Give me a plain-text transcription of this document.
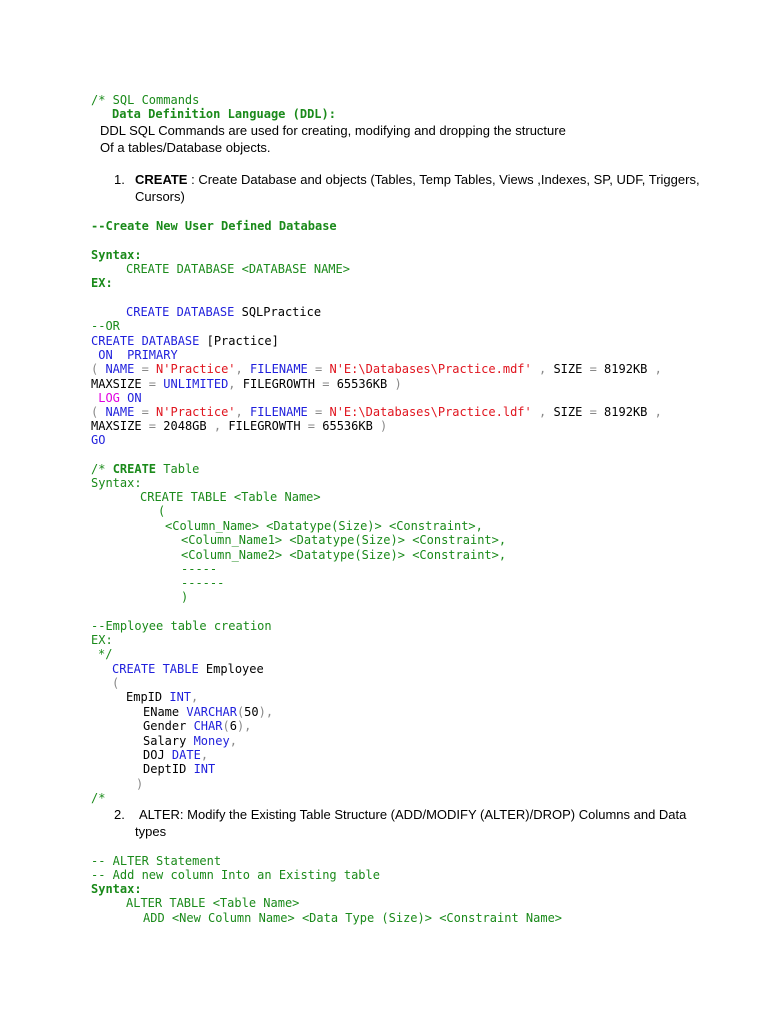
/* SQL Commands
Data Definition Language (DDL):
DDL SQL Commands are used for creating, modifying and dropping the structure
Of a tables/Database objects.
1. CREATE : Create Database and objects (Tables, Temp Tables, Views ,Indexes, SP, UDF, Triggers,
Cursors)
--Create New User Defined Database
Syntax:
CREATE DATABASE <DATABASE NAME>
EX:
CREATE DATABASE SQLPractice
--OR
CREATE DATABASE [Practice]
ON  PRIMARY
( NAME = N'Practice', FILENAME = N'E:\Databases\Practice.mdf' , SIZE = 8192KB ,
MAXSIZE = UNLIMITED, FILEGROWTH = 65536KB )
LOG ON
( NAME = N'Practice', FILENAME = N'E:\Databases\Practice.ldf' , SIZE = 8192KB ,
MAXSIZE = 2048GB , FILEGROWTH = 65536KB )
GO
/* CREATE Table
Syntax:
CREATE TABLE <Table Name>
(
<Column_Name> <Datatype(Size)> <Constraint>,
<Column_Name1> <Datatype(Size)> <Constraint>,
<Column_Name2> <Datatype(Size)> <Constraint>,
-----
------
)
--Employee table creation
EX:
*/
CREATE TABLE Employee
(
EmpID INT,
EName VARCHAR(50),
Gender CHAR(6),
Salary Money,
DOJ DATE,
DeptID INT
)
/*
2. ALTER: Modify the Existing Table Structure (ADD/MODIFY (ALTER)/DROP) Columns and Data
types
-- ALTER Statement
-- Add new column Into an Existing table
Syntax:
ALTER TABLE <Table Name>
ADD <New Column Name> <Data Type (Size)> <Constraint Name>
